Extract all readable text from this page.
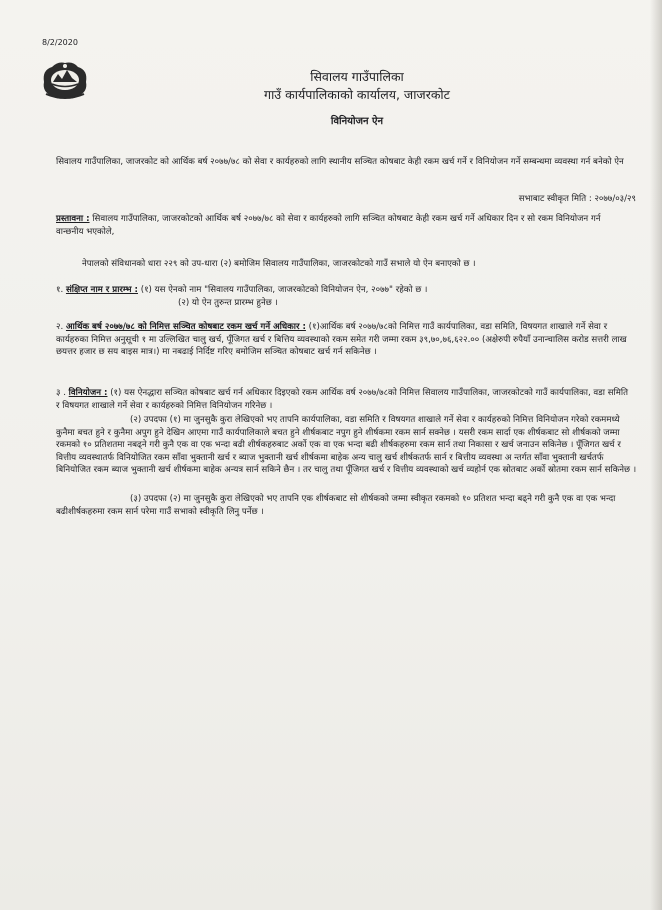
8/2/2020
सिवालय गाउँपालिका
गाउँ कार्यपालिकाको कार्यालय, जाजरकोट
विनियोजन ऐन
सिवालय गाउँपालिका, जाजरकोट को आर्थिक बर्ष २०७७/७८ को सेवा र कार्यहरुको लागि स्थानीय सञ्चित कोषबाट केही रकम खर्च गर्ने र विनियोजन गर्ने सम्बन्धमा व्यवस्था गर्न बनेको ऐन
सभाबाट स्वीकृत मिति : २०७७/०३/२९
प्रस्तावना : सिवालय गाउँपालिका, जाजरकोटको आर्थिक बर्ष २०७७/७८ को सेवा र कार्यहरुको लागि सञ्चित कोषबाट केही रकम खर्च गर्ने अधिकार दिन र सो रकम विनियोजन गर्न वान्छनीय भएकोले,
नेपालको संविधानको धारा २२९ को उप-धारा (२) बमोजिम सिवालय गाउँपालिका, जाजरकोटको गाउँ सभाले यो ऐन बनाएको छ ।
१. संक्षिप्त नाम र प्रारम्भ : (१) यस ऐनको नाम "सिवालय गाउँपालिका, जाजरकोटको विनियोजन ऐन, २०७७" रहेको छ ।
(२) यो ऐन तुरुन्त प्रारम्भ हुनेछ ।
२. आर्थिक बर्ष २०७७/७८ को निमित्त सञ्चित कोषबाट रकम खर्च गर्ने अधिकार : (१)आर्थिक बर्ष २०७७/७८को निमित्त गाउँ कार्यपालिका, वडा समिति, विषयगत शाखाले गर्ने सेवा र कार्यहरुका निमित्त अनुसूची १ मा उल्लिखित चालु खर्च, पूँजिगत खर्च र बित्तिय व्यवस्थाको रकम समेत गरी जम्मा रकम ३९,७०,७६,६२२.०० (अक्षेरुपी रुपैयाँ उनान्चालिस करोड सत्तरी लाख छयत्तर हजार छ सय बाइस मात्र।) मा नबढाई निर्दिष्ट गरिए बमोजिम सञ्चित कोषबाट खर्च गर्न सकिनेछ ।
३ . विनियोजन : (१) यस ऐनद्धारा सञ्चित कोषबाट खर्च गर्न अधिकार दिइएको रकम आर्थिक वर्ष २०७७/७८को निमित्त सिवालय गाउँपालिका, जाजरकोटको गाउँ कार्यपालिका, वडा समिति र विषयगत शाखाले गर्ने सेवा र कार्यहरुको निमित्त विनियोजन गरिनेछ ।
(२) उपदफा (१) मा जुनसुकै कुरा लेखिएको भए तापनि कार्यपालिका, वडा समिति र विषयगत शाखाले गर्ने सेवा र कार्यहरुको निमित्त विनियोजन गरेको रकममध्ये कुनैमा बचत हुने र कुनैमा अपुग हुने देखिन आएमा गाउँ कार्यपालिकाले बचत हुने शीर्षकबाट नपुग हुने शीर्षकमा रकम सार्न सक्नेछ । यसरी रकम सार्दा एक शीर्षकबाट सो शीर्षकको जम्मा रकमको १० प्रतिशतमा नबढ्ने गरी कुनै एक वा एक भन्दा बढी शीर्षकहरुबाट अर्को एक वा एक भन्दा बढी शीर्षकहरुमा रकम सार्न तथा निकासा र खर्च जनाउन सकिनेछ । पूँजिगत खर्च र वित्तीय व्यवस्थातर्फ विनियोजित रकम साँवा भुक्तानी खर्च र ब्याज भुक्तानी खर्च शीर्षकमा बाहेक अन्य चालु खर्च शीर्षकतर्फ सार्न र बित्तीय व्यवस्था अ न्तर्गत साँवा भुक्तानी खर्चतर्फ बिनियोजित रकम ब्याज भुक्तानी खर्च शीर्षकमा बाहेक अन्यत्र सार्न सकिने छैन । तर चालु तथा पूँजिगत खर्च र वित्तीय व्यवस्थाको खर्च व्यहोर्न एक स्रोतबाट अर्को स्रोतमा रकम सार्न सकिनेछ ।
(३) उपदफा (२) मा जुनसुकै कुरा लेखिएको भए तापनि एक शीर्षकबाट सो शीर्षकको जम्मा स्वीकृत रकमको १० प्रतिशत भन्दा बढ्ने गरी कुनै एक वा एक भन्दा बढीशीर्षकहरुमा रकम सार्न परेमा गाउँ सभाको स्वीकृति लिनु पर्नेछ ।
